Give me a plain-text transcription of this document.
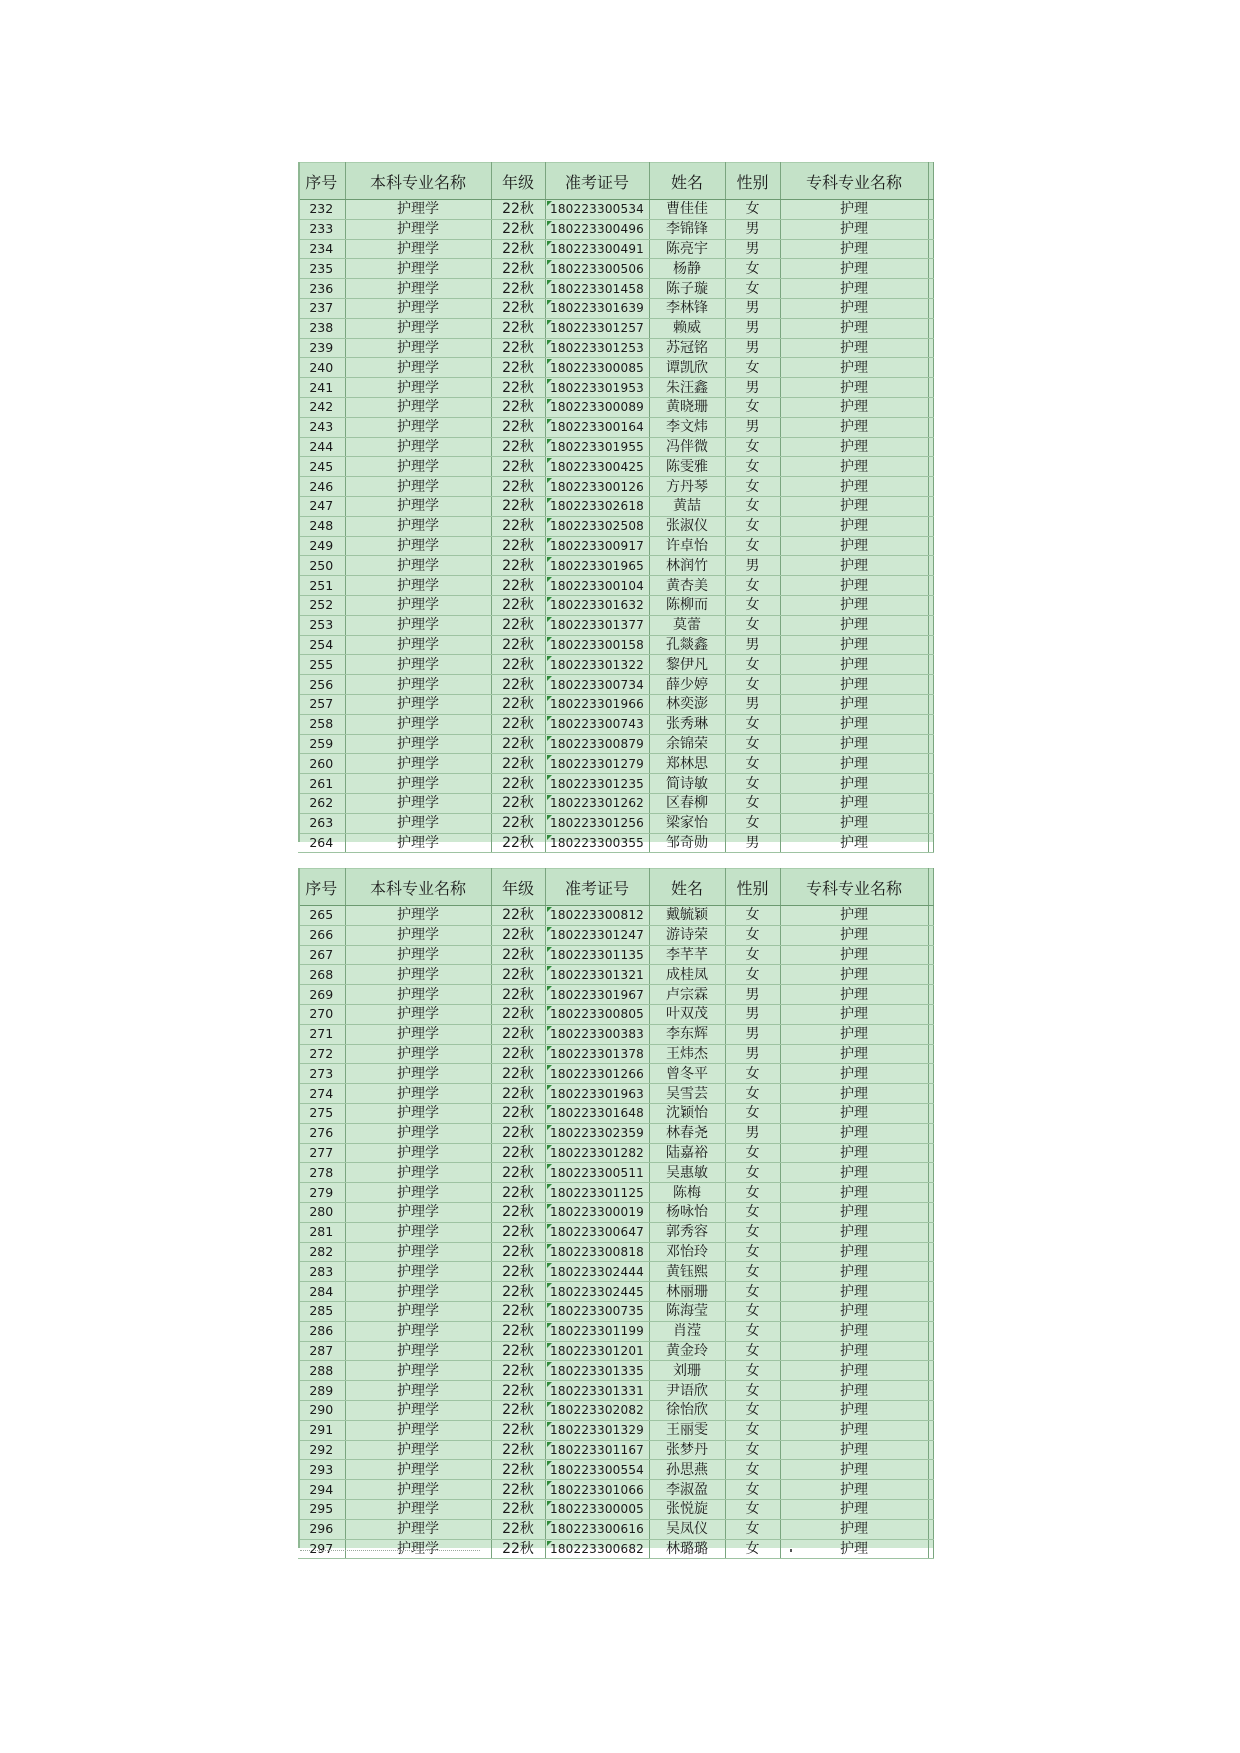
序号	本科专业名称	年级	准考证号	姓名	性别	专科专业名称	
232	护理学	22秋	180223300534	曹佳佳	女	护理	
233	护理学	22秋	180223300496	李锦锋	男	护理	
234	护理学	22秋	180223300491	陈亮宇	男	护理	
235	护理学	22秋	180223300506	杨静	女	护理	
236	护理学	22秋	180223301458	陈子璇	女	护理	
237	护理学	22秋	180223301639	李林锋	男	护理	
238	护理学	22秋	180223301257	赖威	男	护理	
239	护理学	22秋	180223301253	苏冠铭	男	护理	
240	护理学	22秋	180223300085	谭凯欣	女	护理	
241	护理学	22秋	180223301953	朱汪鑫	男	护理	
242	护理学	22秋	180223300089	黄晓珊	女	护理	
243	护理学	22秋	180223300164	李文炜	男	护理	
244	护理学	22秋	180223301955	冯伴微	女	护理	
245	护理学	22秋	180223300425	陈雯雅	女	护理	
246	护理学	22秋	180223300126	方丹琴	女	护理	
247	护理学	22秋	180223302618	黄喆	女	护理	
248	护理学	22秋	180223302508	张淑仪	女	护理	
249	护理学	22秋	180223300917	许卓怡	女	护理	
250	护理学	22秋	180223301965	林润竹	男	护理	
251	护理学	22秋	180223300104	黄杏美	女	护理	
252	护理学	22秋	180223301632	陈柳而	女	护理	
253	护理学	22秋	180223301377	莫蕾	女	护理	
254	护理学	22秋	180223300158	孔燚鑫	男	护理	
255	护理学	22秋	180223301322	黎伊凡	女	护理	
256	护理学	22秋	180223300734	薛少婷	女	护理	
257	护理学	22秋	180223301966	林奕澎	男	护理	
258	护理学	22秋	180223300743	张秀琳	女	护理	
259	护理学	22秋	180223300879	余锦荣	女	护理	
260	护理学	22秋	180223301279	郑林思	女	护理	
261	护理学	22秋	180223301235	简诗敏	女	护理	
262	护理学	22秋	180223301262	区春柳	女	护理	
263	护理学	22秋	180223301256	梁家怡	女	护理	
264	护理学	22秋	180223300355	邹奇勋	男	护理	
序号	本科专业名称	年级	准考证号	姓名	性别	专科专业名称	
265	护理学	22秋	180223300812	戴毓颖	女	护理	
266	护理学	22秋	180223301247	游诗荣	女	护理	
267	护理学	22秋	180223301135	李芊芊	女	护理	
268	护理学	22秋	180223301321	成桂凤	女	护理	
269	护理学	22秋	180223301967	卢宗霖	男	护理	
270	护理学	22秋	180223300805	叶双茂	男	护理	
271	护理学	22秋	180223300383	李东辉	男	护理	
272	护理学	22秋	180223301378	王炜杰	男	护理	
273	护理学	22秋	180223301266	曾冬平	女	护理	
274	护理学	22秋	180223301963	吴雪芸	女	护理	
275	护理学	22秋	180223301648	沈颖怡	女	护理	
276	护理学	22秋	180223302359	林春尧	男	护理	
277	护理学	22秋	180223301282	陆嘉裕	女	护理	
278	护理学	22秋	180223300511	吴惠敏	女	护理	
279	护理学	22秋	180223301125	陈梅	女	护理	
280	护理学	22秋	180223300019	杨咏怡	女	护理	
281	护理学	22秋	180223300647	郭秀容	女	护理	
282	护理学	22秋	180223300818	邓怡玲	女	护理	
283	护理学	22秋	180223302444	黄钰熙	女	护理	
284	护理学	22秋	180223302445	林丽珊	女	护理	
285	护理学	22秋	180223300735	陈海莹	女	护理	
286	护理学	22秋	180223301199	肖滢	女	护理	
287	护理学	22秋	180223301201	黄金玲	女	护理	
288	护理学	22秋	180223301335	刘珊	女	护理	
289	护理学	22秋	180223301331	尹语欣	女	护理	
290	护理学	22秋	180223302082	徐怡欣	女	护理	
291	护理学	22秋	180223301329	王丽雯	女	护理	
292	护理学	22秋	180223301167	张梦丹	女	护理	
293	护理学	22秋	180223300554	孙思燕	女	护理	
294	护理学	22秋	180223301066	李淑盈	女	护理	
295	护理学	22秋	180223300005	张悦旋	女	护理	
296	护理学	22秋	180223300616	吴凤仪	女	护理	
297	护理学	22秋	180223300682	林璐璐	女	护理	
